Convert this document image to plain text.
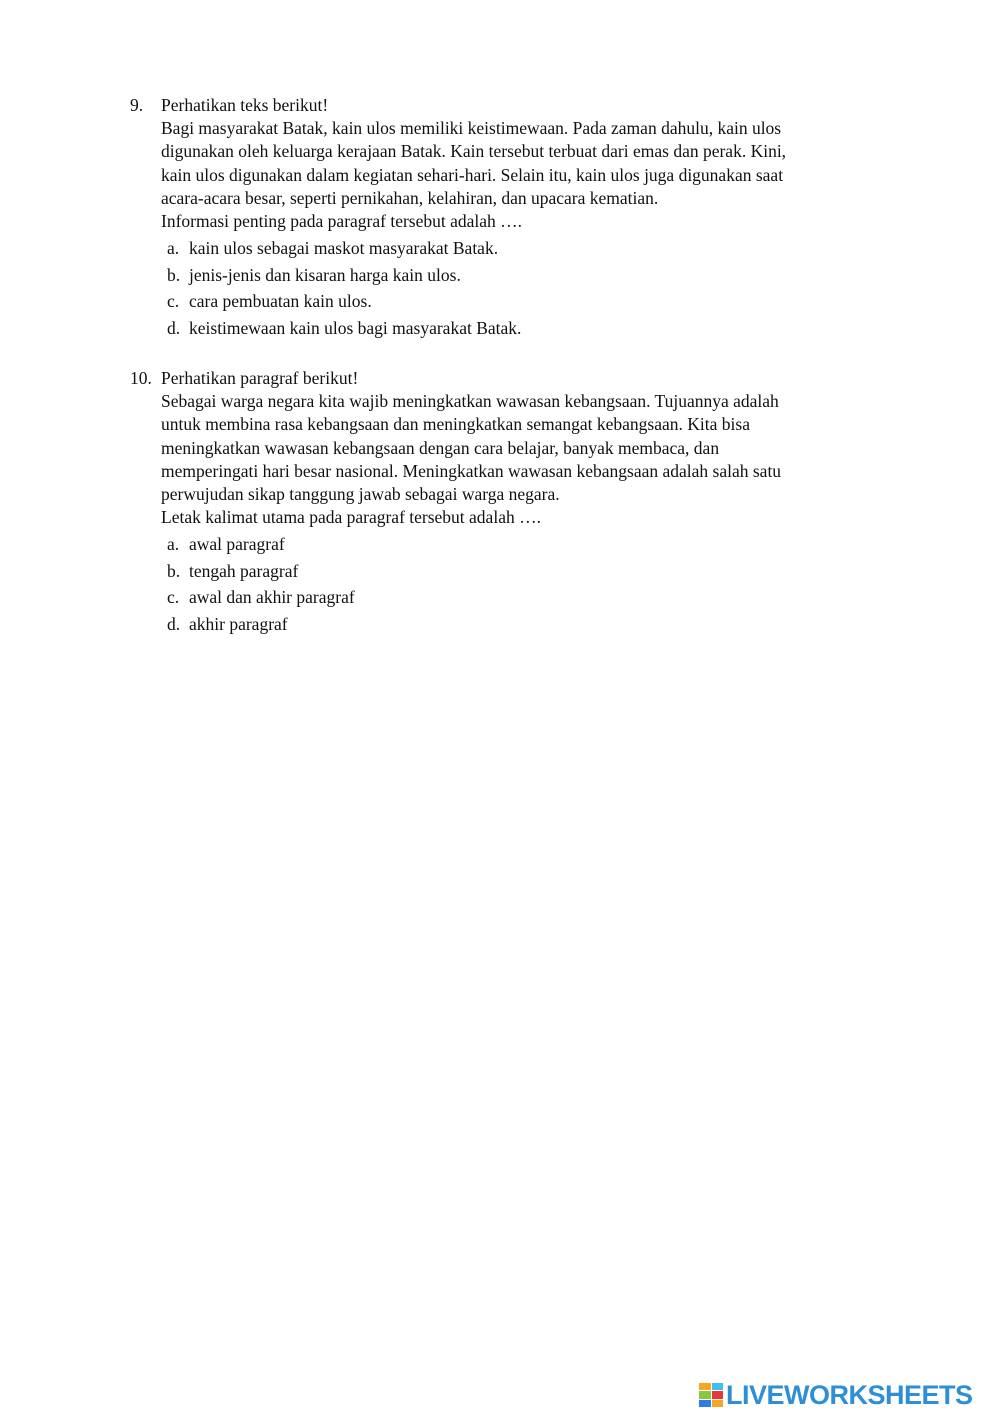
9.	Perhatikan teks berikut!
Bagi masyarakat Batak, kain ulos memiliki keistimewaan. Pada zaman dahulu, kain ulos
digunakan oleh keluarga kerajaan Batak. Kain tersebut terbuat dari emas dan perak. Kini,
kain ulos digunakan dalam kegiatan sehari-hari. Selain itu, kain ulos juga digunakan saat
acara-acara besar, seperti pernikahan, kelahiran, dan upacara kematian.
Informasi penting pada paragraf tersebut adalah ….
a. kain ulos sebagai maskot masyarakat Batak.
b. jenis-jenis dan kisaran harga kain ulos.
c. cara pembuatan kain ulos.
d. keistimewaan kain ulos bagi masyarakat Batak.
10. Perhatikan paragraf berikut!
Sebagai warga negara kita wajib meningkatkan wawasan kebangsaan. Tujuannya adalah
untuk membina rasa kebangsaan dan meningkatkan semangat kebangsaan. Kita bisa
meningkatkan wawasan kebangsaan dengan cara belajar, banyak membaca, dan
memperingati hari besar nasional. Meningkatkan wawasan kebangsaan adalah salah satu
perwujudan sikap tanggung jawab sebagai warga negara.
Letak kalimat utama pada paragraf tersebut adalah ….
a. awal paragraf
b. tengah paragraf
c. awal dan akhir paragraf
d. akhir paragraf
LIVEWORKSHEETS
